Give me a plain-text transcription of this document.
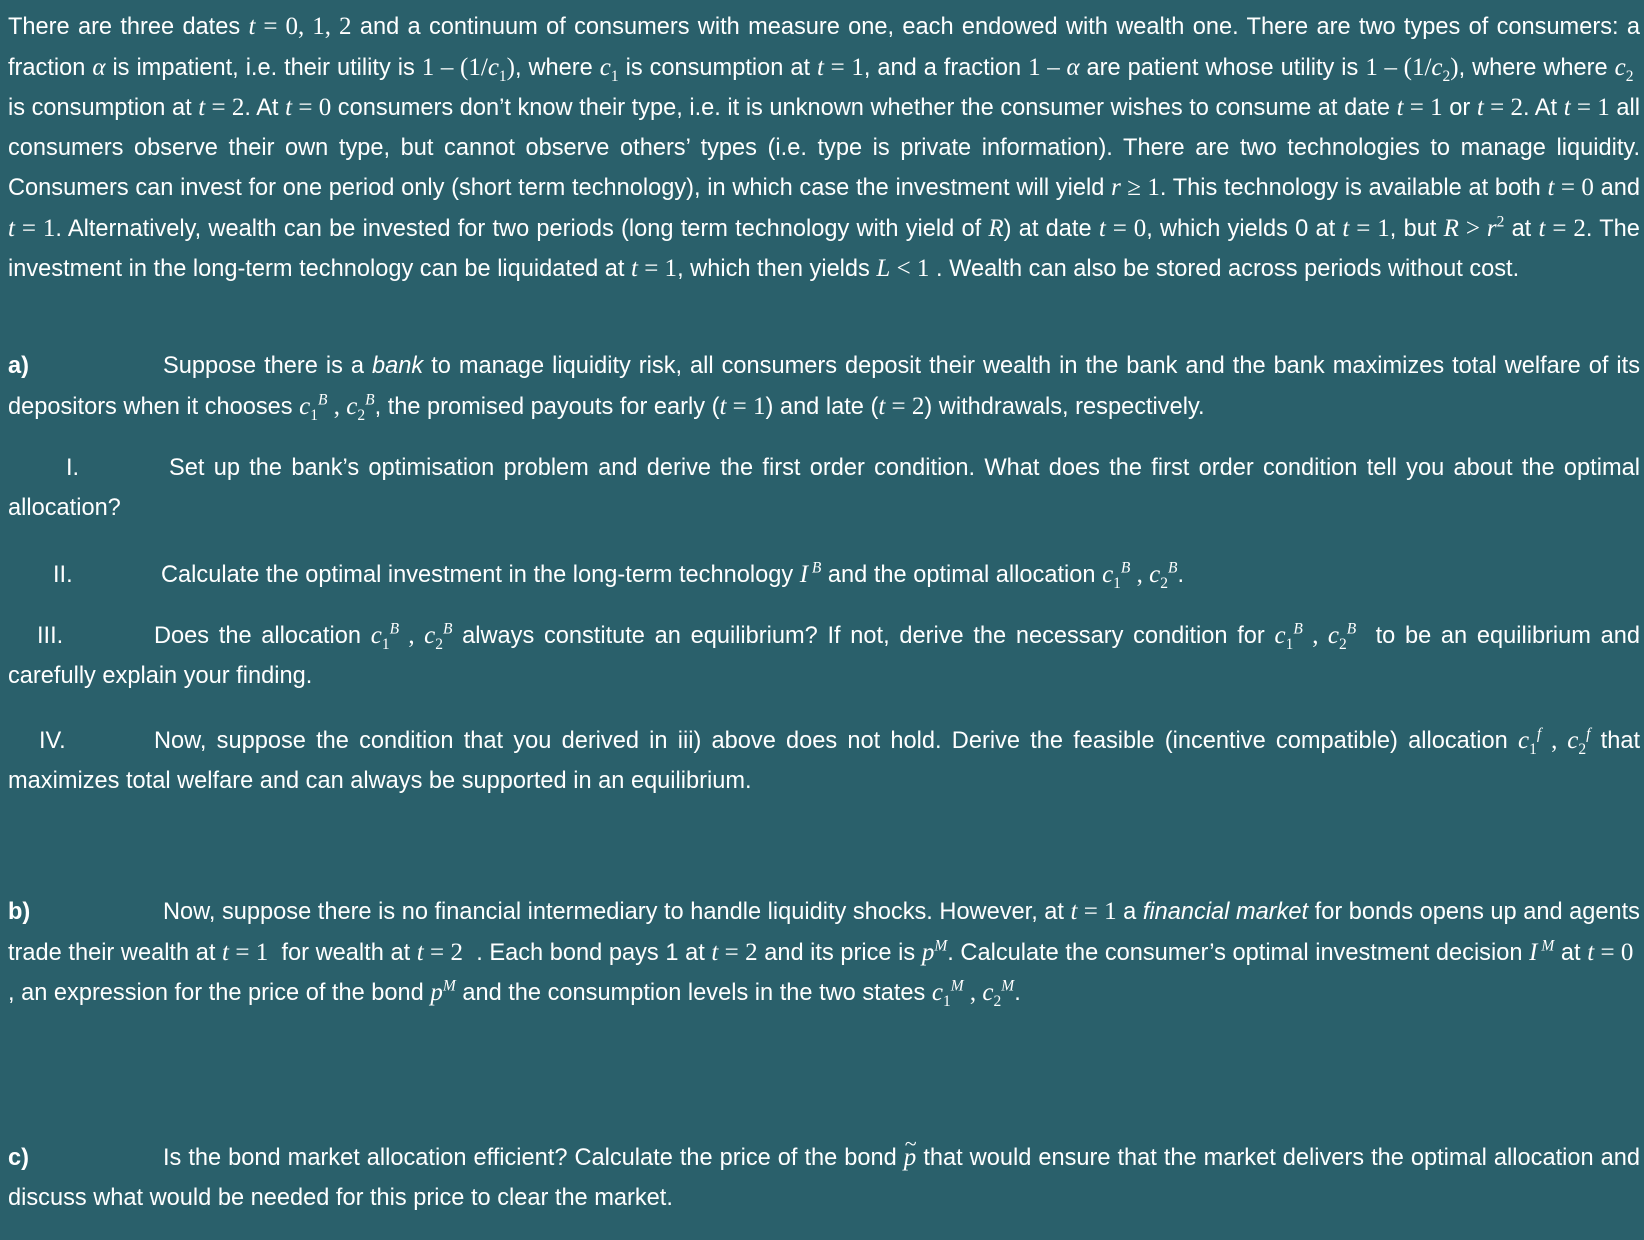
There are three dates t = 0, 1, 2 and a continuum of consumers with measure one, each endowed with wealth one. There are two types of consumers: a fraction α is impatient, i.e. their utility is $1 - (1/c_1)$, where $c_1$ is consumption at t = 1, and a fraction 1 – α are patient whose utility is $1 - (1/c_2)$, where where $c_2$  is consumption at t = 2. At t = 0 consumers don’t know their type, i.e. it is unknown whether the consumer wishes to consume at date t = 1 or t = 2. At t = 1 all consumers observe their own type, but cannot observe others’ types (i.e. type is private information). There are two technologies to manage liquidity. Consumers can invest for one period only (short term technology), in which case the investment will yield r ≥ 1. This technology is available at both t = 0 and t = 1. Alternatively, wealth can be invested for two periods (long term technology with yield of R) at date t = 0, which yields 0 at t = 1, but $R > r^2$ at t = 2. The investment in the long-term technology can be liquidated at t = 1, which then yields L < 1 . Wealth can also be stored across periods without cost.

a)	Suppose there is a bank to manage liquidity risk, all consumers deposit their wealth in the bank and the bank maximizes total welfare of its depositors when it chooses $c_1^B$ , $c_2^B$, the promised payouts for early (t = 1) and late (t = 2) withdrawals, respectively.

I.	Set up the bank’s optimisation problem and derive the first order condition. What does the first order condition tell you about the optimal allocation?

II.	Calculate the optimal investment in the long-term technology I $^B$ and the optimal allocation $c_1^B$ , $c_2^B$.

III.	Does the allocation $c_1^B$ , $c_2^B$ always constitute an equilibrium? If not, derive the necessary condition for $c_1^B$ , $c_2^B$ to be an equilibrium and carefully explain your finding.

IV.	Now, suppose the condition that you derived in iii) above does not hold. Derive the feasible (incentive compatible) allocation $c_1^f$ , $c_2^f$ that maximizes total welfare and can always be supported in an equilibrium.

b)	Now, suppose there is no financial intermediary to handle liquidity shocks. However, at t = 1 a financial market for bonds opens up and agents trade their wealth at t = 1 for wealth at t = 2 . Each bond pays 1 at t = 2 and its price is $p^M$. Calculate the consumer’s optimal investment decision I $^M$ at t = 0  , an expression for the price of the bond $p^M$ and the consumption levels in the two states $c_1^M$ , $c_2^M$.

c)	Is the bond market allocation efficient? Calculate the price of the bond ~ p that would ensure that the market delivers the optimal allocation and discuss what would be needed for this price to clear the market.
